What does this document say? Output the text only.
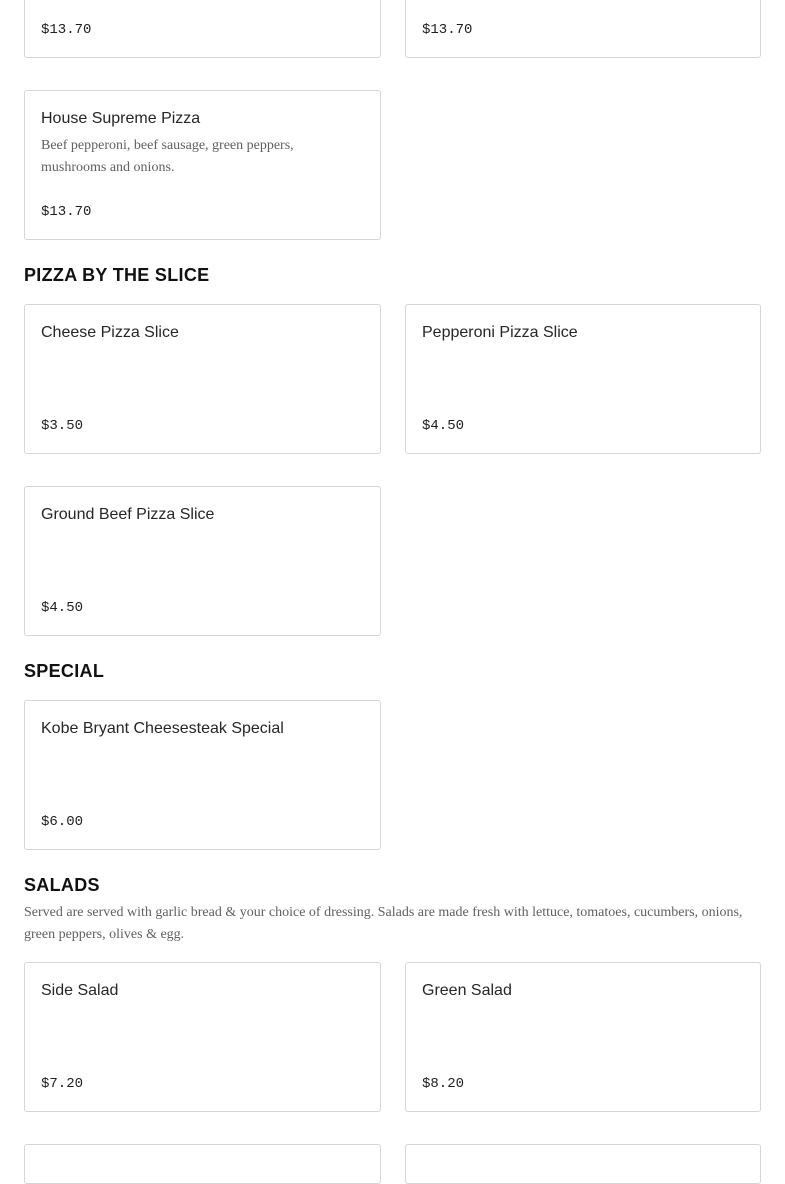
$13.70	$13.70
House Supreme Pizza
Beef pepperoni, beef sausage, green peppers, mushrooms and onions.
$13.70
PIZZA BY THE SLICE
Cheese Pizza Slice
$3.50
Pepperoni Pizza Slice
$4.50
Ground Beef Pizza Slice
$4.50
SPECIAL
Kobe Bryant Cheesesteak Special
$6.00
SALADS

Served are served with garlic bread & your choice of dressing. Salads are made fresh with lettuce, tomatoes, cucumbers, onions, green peppers, olives & egg.

Side Salad
$7.20
Green Salad
$8.20
